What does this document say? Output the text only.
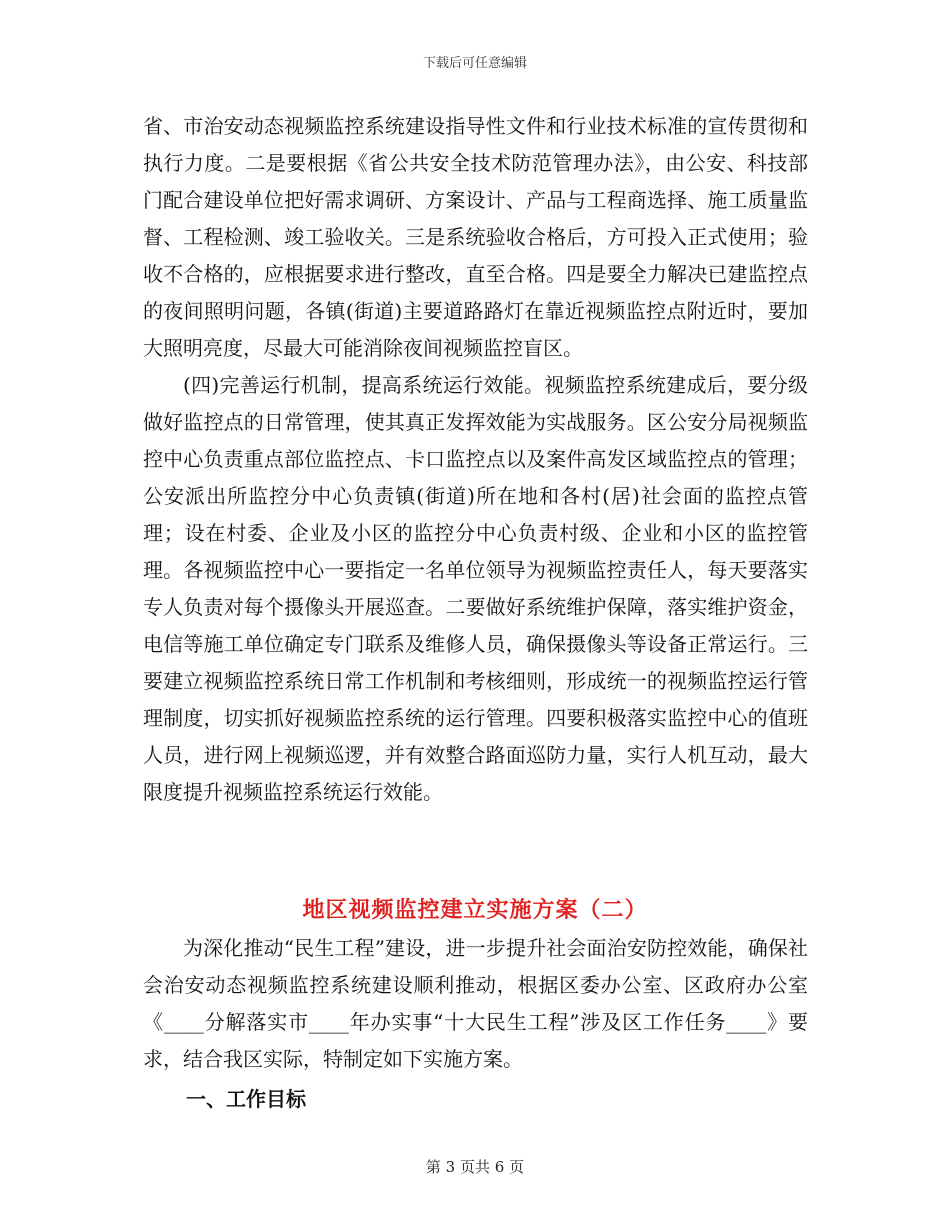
下载后可任意编辑

省、市治安动态视频监控系统建设指导性文件和行业技术标准的宣传贯彻和执行力度。二是要根据《省公共安全技术防范管理办法》，由公安、科技部门配合建设单位把好需求调研、方案设计、产品与工程商选择、施工质量监督、工程检测、竣工验收关。三是系统验收合格后，方可投入正式使用；验收不合格的，应根据要求进行整改，直至合格。四是要全力解决已建监控点的夜间照明问题，各镇(街道)主要道路路灯在靠近视频监控点附近时，要加大照明亮度，尽最大可能消除夜间视频监控盲区。

(四)完善运行机制，提高系统运行效能。视频监控系统建成后，要分级做好监控点的日常管理，使其真正发挥效能为实战服务。区公安分局视频监控中心负责重点部位监控点、卡口监控点以及案件高发区域监控点的管理；公安派出所监控分中心负责镇(街道)所在地和各村(居)社会面的监控点管理；设在村委、企业及小区的监控分中心负责村级、企业和小区的监控管理。各视频监控中心一要指定一名单位领导为视频监控责任人，每天要落实专人负责对每个摄像头开展巡查。二要做好系统维护保障，落实维护资金，电信等施工单位确定专门联系及维修人员，确保摄像头等设备正常运行。三要建立视频监控系统日常工作机制和考核细则，形成统一的视频监控运行管理制度，切实抓好视频监控系统的运行管理。四要积极落实监控中心的值班人员，进行网上视频巡逻，并有效整合路面巡防力量，实行人机互动，最大限度提升视频监控系统运行效能。

地区视频监控建立实施方案（二）

为深化推动“民生工程”建设，进一步提升社会面治安防控效能，确保社会治安动态视频监控系统建设顺利推动，根据区委办公室、区政府办公室《____分解落实市____年办实事“十大民生工程”涉及区工作任务____》要求，结合我区实际，特制定如下实施方案。

一、工作目标
第 3 页共 6 页
